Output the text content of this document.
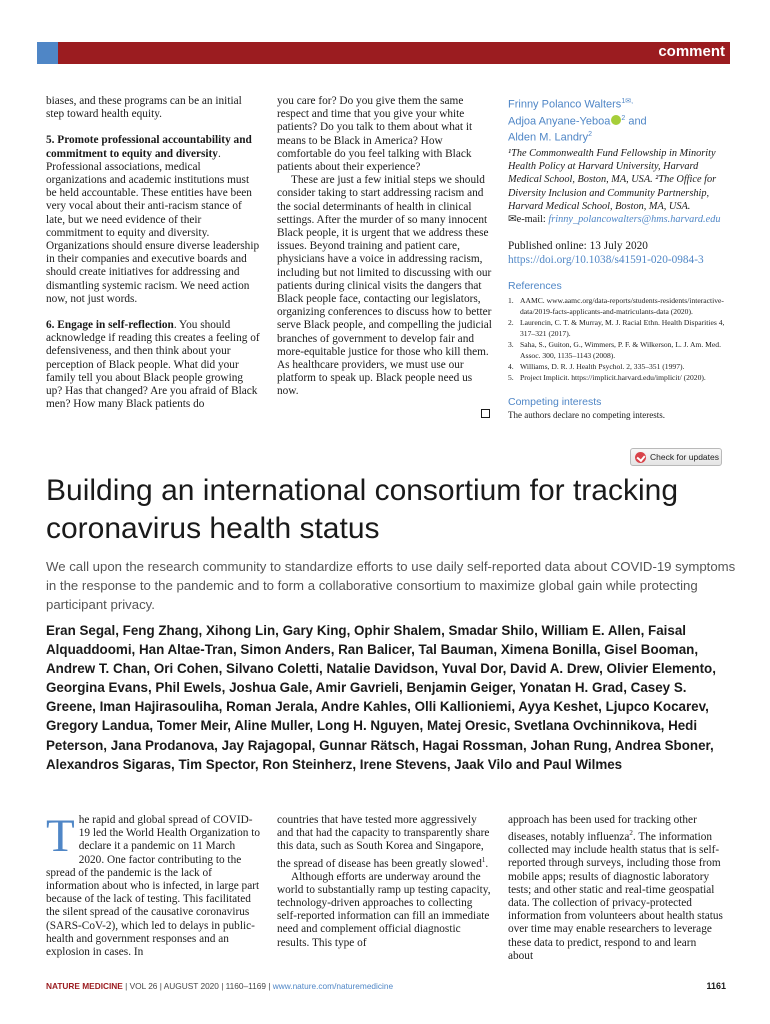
comment

biases, and these programs can be an initial step toward health equity.

5. Promote professional accountability and commitment to equity and diversity. Professional associations, medical organizations and academic institutions must be held accountable. These entities have been very vocal about their anti-racism stance of late, but we need evidence of their commitment to equity and diversity. Organizations should ensure diverse leadership in their companies and executive boards and should create initiatives for addressing and dismantling systemic racism. We need action now, not just words.

6. Engage in self-reflection. You should acknowledge if reading this creates a feeling of defensiveness, and then think about your perception of Black people. What did your family tell you about Black people growing up? Has that changed? Are you afraid of Black men? How many Black patients do

you care for? Do you give them the same respect and time that you give your white patients? Do you talk to them about what it means to be Black in America? How comfortable do you feel talking with Black patients about their experience?

These are just a few initial steps we should consider taking to start addressing racism and the social determinants of health in clinical settings. After the murder of so many innocent Black people, it is urgent that we address these issues. Beyond training and patient care, physicians have a voice in addressing racism, including but not limited to discussing with our patients during clinical visits the dangers that Black people face, contacting our legislators, organizing conferences to discuss how to better serve Black people, and compelling the judicial branches of government to develop fair and more-equitable justice for those who kill them. As healthcare providers, we must use our platform to speak up. Black people need us now.

Frinny Polanco Walters$^{1✉,}$
Adjoa Anyane-Yeboa $^2$ and
Alden M. Landry$^2$
¹The Commonwealth Fund Fellowship in Minority Health Policy at Harvard University, Harvard Medical School, Boston, MA, USA. ²The Office for Diversity Inclusion and Community Partnership, Harvard Medical School, Boston, MA, USA.
✉e-mail: frinny_polancowalters@hms.harvard.edu
Published online: 13 July 2020
https://doi.org/10.1038/s41591-020-0984-3
References
1. AAMC. www.aamc.org/data-reports/students-residents/interactive-data/2019-facts-applicants-and-matriculants-data (2020).
2. Laurencin, C. T. & Murray, M. J. Racial Ethn. Health Disparities 4, 317–321 (2017).
3. Saha, S., Guiton, G., Wimmers, P. F. & Wilkerson, L. J. Am. Med. Assoc. 300, 1135–1143 (2008).
4. Williams, D. R. J. Health Psychol. 2, 335–351 (1997).
5. Project Implicit. https://implicit.harvard.edu/implicit/ (2020).
Competing interests
The authors declare no competing interests.
Check for updates
Building an international consortium for tracking coronavirus health status

We call upon the research community to standardize efforts to use daily self-reported data about COVID-19 symptoms in the response to the pandemic and to form a collaborative consortium to maximize global gain while protecting participant privacy.

Eran Segal, Feng Zhang, Xihong Lin, Gary King, Ophir Shalem, Smadar Shilo, William E. Allen, Faisal Alquaddoomi, Han Altae-Tran, Simon Anders, Ran Balicer, Tal Bauman, Ximena Bonilla, Gisel Booman, Andrew T. Chan, Ori Cohen, Silvano Coletti, Natalie Davidson, Yuval Dor, David A. Drew, Olivier Elemento, Georgina Evans, Phil Ewels, Joshua Gale, Amir Gavrieli, Benjamin Geiger, Yonatan H. Grad, Casey S. Greene, Iman Hajirasouliha, Roman Jerala, Andre Kahles, Olli Kallioniemi, Ayya Keshet, Ljupco Kocarev, Gregory Landua, Tomer Meir, Aline Muller, Long H. Nguyen, Matej Oresic, Svetlana Ovchinnikova, Hedi Peterson, Jana Prodanova, Jay Rajagopal, Gunnar Rätsch, Hagai Rossman, Johan Rung, Andrea Sboner, Alexandros Sigaras, Tim Spector, Ron Steinherz, Irene Stevens, Jaak Vilo and Paul Wilmes

The rapid and global spread of COVID-19 led the World Health Organization to declare it a pandemic on 11 March 2020. One factor contributing to the spread of the pandemic is the lack of information about who is infected, in large part because of the lack of testing. This facilitated the silent spread of the causative coronavirus (SARS-CoV-2), which led to delays in public-health and government responses and an explosion in cases. In

countries that have tested more aggressively and that had the capacity to transparently share this data, such as South Korea and Singapore, the spread of disease has been greatly slowed$^1$.

Although efforts are underway around the world to substantially ramp up testing capacity, technology-driven approaches to collecting self-reported information can fill an immediate need and complement official diagnostic results. This type of

approach has been used for tracking other diseases, notably influenza$^2$. The information collected may include health status that is self-reported through surveys, including those from mobile apps; results of diagnostic laboratory tests; and other static and real-time geospatial data. The collection of privacy-protected information from volunteers about health status over time may enable researchers to leverage these data to predict, respond to and learn about

NATURE MEDICINE | VOL 26 | AUGUST 2020 | 1160–1169 | www.nature.com/naturemedicine	1161
